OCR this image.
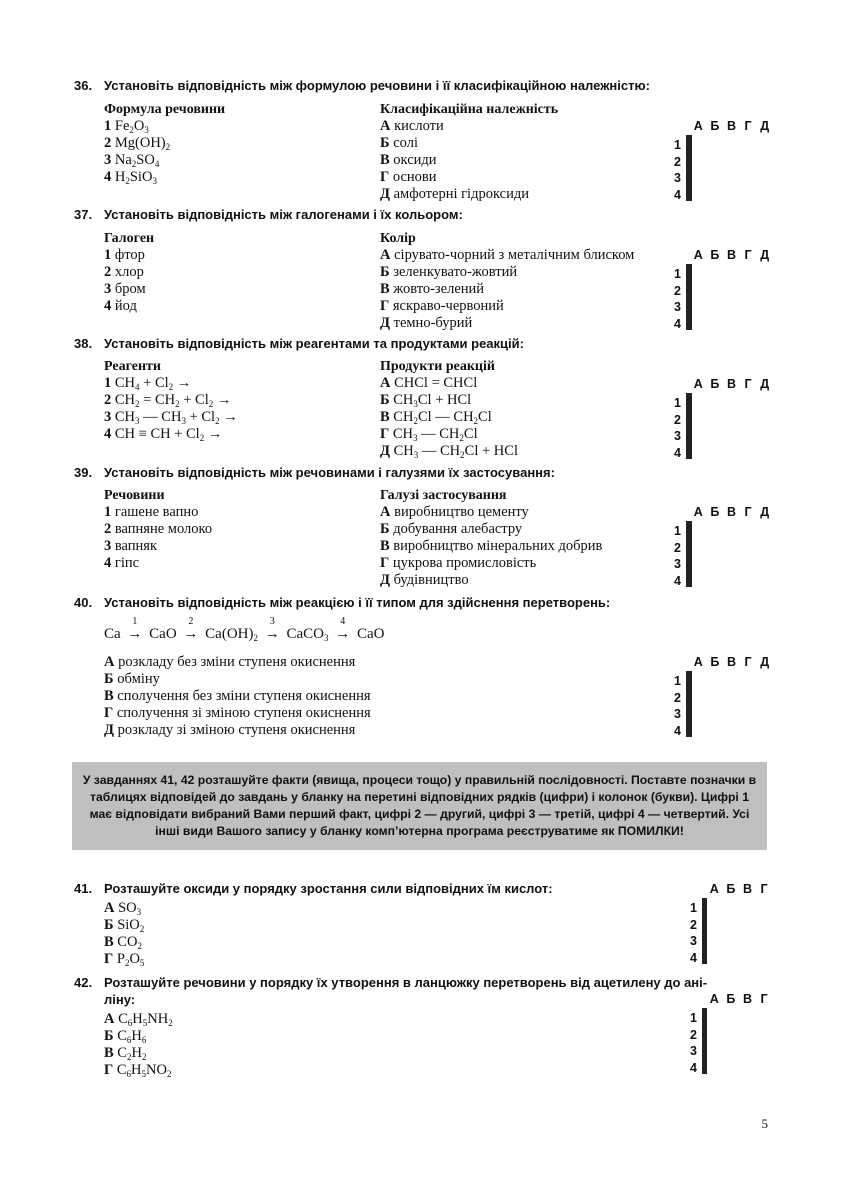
36. Установіть відповідність між формулою речовини і її класифікаційною належністю:
Формула речовини
1 $Fe_2O_3$
2 $Mg(OH)_2$
3 $Na_2SO_4$
4 $H_2SiO_3$
Класифікаційна належність
А кислоти
Б солі
В оксиди
Г основи
Д амфотерні гідроксиди
А Б В Г Д
1
2
3
4

37. Установіть відповідність між галогенами і їх кольором:
Галоген
1 фтор
2 хлор
3 бром
4 йод
Колір
А сірувато-чорний з металічним блиском
Б зеленкувато-жовтий
В жовто-зелений
Г яскраво-червоний
Д темно-бурий
А Б В Г Д
1
2
3
4

38. Установіть відповідність між реагентами та продуктами реакцій:
Реагенти
1 $CH_4 + Cl_2$ →
2 $CH_2 = CH_2 + Cl_2$ →
3 $CH_3$ — $CH_3 + Cl_2$ →
4 CH ≡ CH + $Cl_2$ →
Продукти реакцій
А CHCl = CHCl
Б $CH_3Cl$ + HCl
В $CH_2Cl$ — $CH_2Cl$
Г $CH_3$ — $CH_2Cl$
Д $CH_3$ — $CH_2Cl$ + HCl
А Б В Г Д
1
2
3
4

39. Установіть відповідність між речовинами і галузями їх застосування:
Речовини
1 гашене вапно
2 вапняне молоко
3 вапняк
4 гіпс
Галузі застосування
А виробництво цементу
Б добування алебастру
В виробництво мінеральних добрив
Г цукрова промисловість
Д будівництво
А Б В Г Д
1
2
3
4

40. Установіть відповідність між реакцією і її типом для здійснення перетворень:
Ca →
1
CaO →
2
$Ca(OH)_2$ →
3
CaCO$_3$ →
4
CaO
А розкладу без зміни ступеня окиснення
Б обміну
В сполучення без зміни ступеня окиснення
Г сполучення зі зміною ступеня окиснення
Д розкладу зі зміною ступеня окиснення
А Б В Г Д
1
2
3
4

У завданнях 41, 42 розташуйте факти (явища, процеси тощо) у правильній послідовності. Поставте позначки в таблицях відповідей до завдань у бланку на перетині відповідних рядків (цифри) і колонок (букви). Цифрі 1 має відповідати вибраний Вами перший факт, цифрі 2 — другий, цифрі 3 — третій, цифрі 4 — четвертий. Усі інші види Вашого запису у бланку комп’ютерна програма реєструватиме як ПОМИЛКИ!

41. Розташуйте оксиди у порядку зростання сили відповідних їм кислот:
А $SO_3$
Б SiO$_2$
В $CO_2$
Г $P_2O_5$
А Б В Г
1
2
3
4

42. Розташуйте речовини у порядку їх утворення в ланцюжку перетворень від ацетилену до ані-
ліну:
А $C_6H_5NH_2$
Б $C_6H_6$
В $C_2H_2$
Г $C_6H_5NO_2$
А Б В Г
1
2
3
4

5
